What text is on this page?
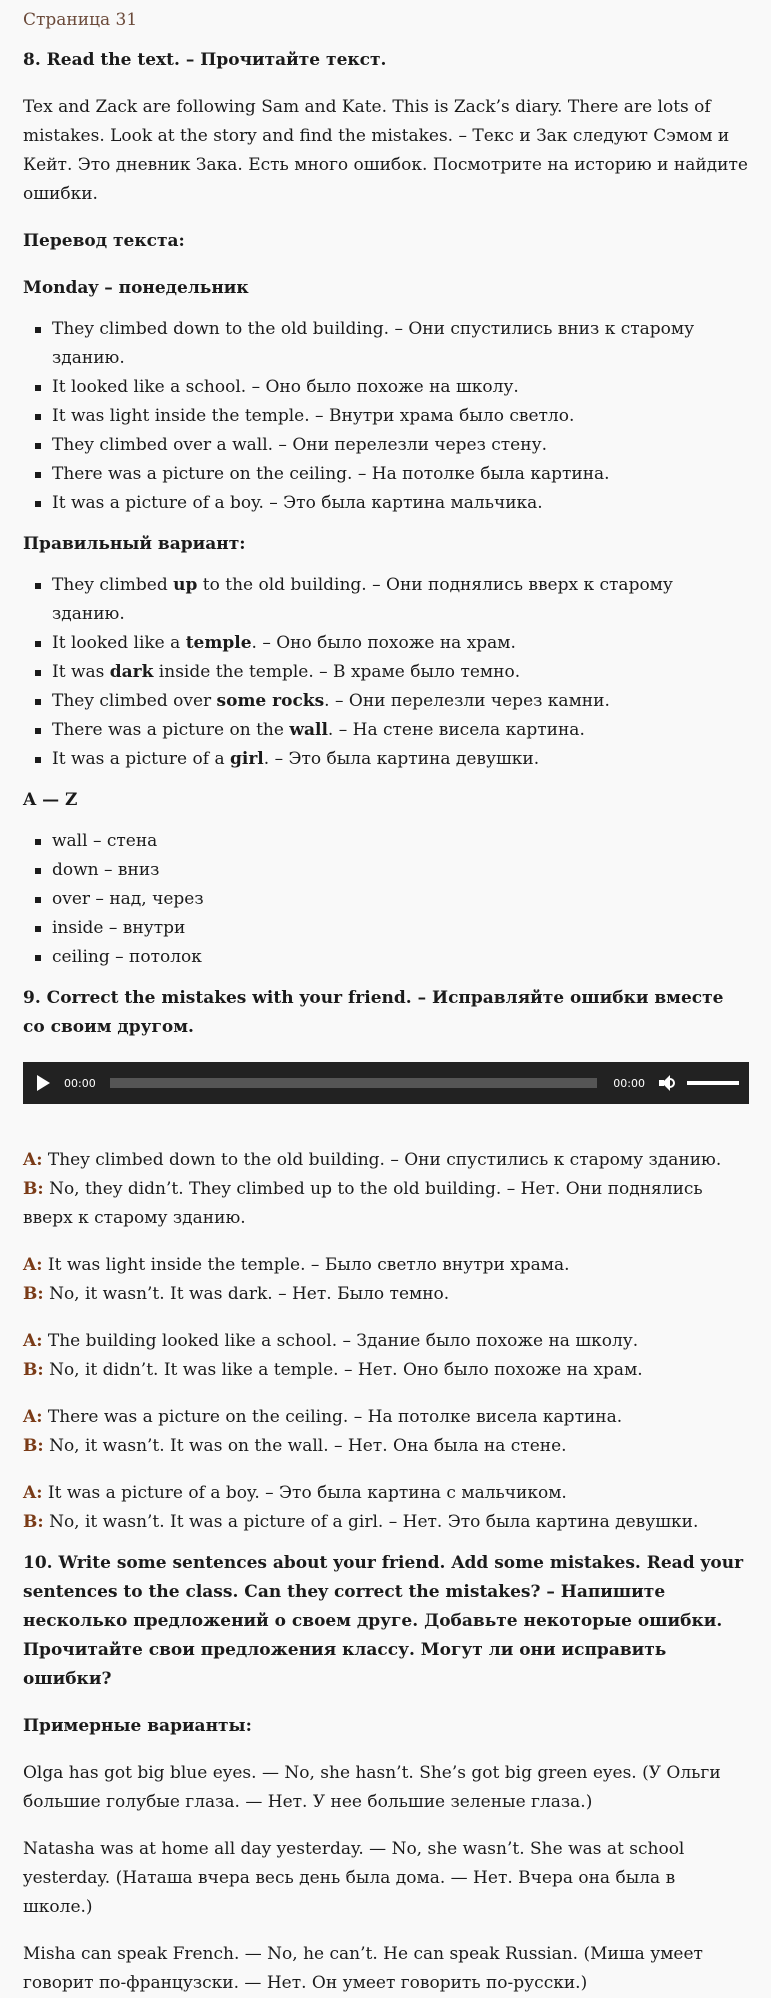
Страница 31

8. Read the text. – Прочитайте текст.

Tex and Zack are following Sam and Kate. This is Zack’s diary. There are lots of mistakes. Look at the story and find the mistakes. – Текс и Зак следуют Сэмом и Кейт. Это дневник Зака. Есть много ошибок. Посмотрите на историю и найдите ошибки.

Перевод текста:

Monday – понедельник

They climbed down to the old building. – Они спустились вниз к старому зданию.
It looked like a school. – Оно было похоже на школу.
It was light inside the temple. – Внутри храма было светло.
They climbed over a wall. – Они перелезли через стену.
There was a picture on the ceiling. – На потолке была картина.
It was a picture of a boy. – Это была картина мальчика.

Правильный вариант:

They climbed up to the old building. – Они поднялись вверх к старому зданию.
It looked like a temple. – Оно было похоже на храм.
It was dark inside the temple. – В храме было темно.
They climbed over some rocks. – Они перелезли через камни.
There was a picture on the wall. – На стене висела картина.
It was a picture of a girl. – Это была картина девушки.

A — Z

wall – стена
down – вниз
over – над, через
inside – внутри
ceiling – потолок

9. Correct the mistakes with your friend. – Исправляйте ошибки вместе со своим другом.

00:00	00:00

A: They climbed down to the old building. – Они спустились к старому зданию.

B: No, they didn’t. They climbed up to the old building. – Нет. Они поднялись вверх к старому зданию.

A: It was light inside the temple. – Было светло внутри храма.

B: No, it wasn’t. It was dark. – Нет. Было темно.

A: The building looked like a school. – Здание было похоже на школу.

B: No, it didn’t. It was like a temple. – Нет. Оно было похоже на храм.

A: There was a picture on the ceiling. – На потолке висела картина.

B: No, it wasn’t. It was on the wall. – Нет. Она была на стене.

A: It was a picture of a boy. – Это была картина с мальчиком.

B: No, it wasn’t. It was a picture of a girl. – Нет. Это была картина девушки.

10. Write some sentences about your friend. Add some mistakes. Read your sentences to the class. Can they correct the mistakes? – Напишите несколько предложений о своем друге. Добавьте некоторые ошибки. Прочитайте свои предложения классу. Могут ли они исправить ошибки?

Примерные варианты:

Olga has got big blue eyes. — No, she hasn’t. She’s got big green eyes. (У Ольги большие голубые глаза. — Нет. У нее большие зеленые глаза.)

Natasha was at home all day yesterday. — No, she wasn’t. She was at school yesterday. (Наташа вчера весь день была дома. — Нет. Вчера она была в школе.)

Misha can speak French. — No, he can’t. He can speak Russian. (Миша умеет говорит по-французски. — Нет. Он умеет говорить по-русски.)
